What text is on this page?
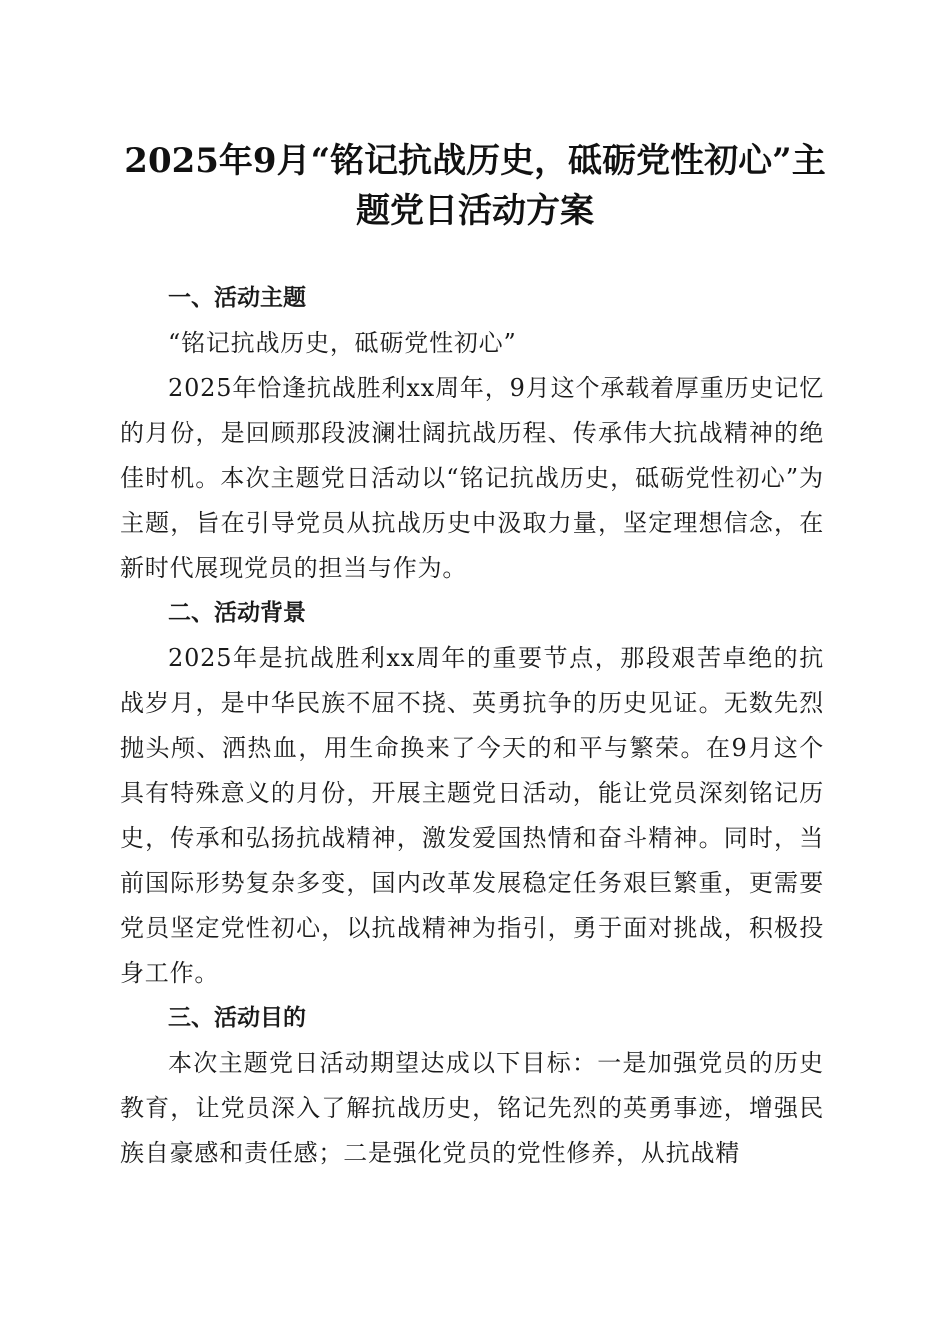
2025年9月“铭记抗战历史，砥砺党性初心”主题党日活动方案

一、活动主题

“铭记抗战历史，砥砺党性初心”

2025年恰逢抗战胜利xx周年，9月这个承载着厚重历史记忆的月份，是回顾那段波澜壮阔抗战历程、传承伟大抗战精神的绝佳时机。本次主题党日活动以“铭记抗战历史，砥砺党性初心”为主题，旨在引导党员从抗战历史中汲取力量，坚定理想信念，在新时代展现党员的担当与作为。

二、活动背景

2025年是抗战胜利xx周年的重要节点，那段艰苦卓绝的抗战岁月，是中华民族不屈不挠、英勇抗争的历史见证。无数先烈抛头颅、洒热血，用生命换来了今天的和平与繁荣。在9月这个具有特殊意义的月份，开展主题党日活动，能让党员深刻铭记历史，传承和弘扬抗战精神，激发爱国热情和奋斗精神。同时，当前国际形势复杂多变，国内改革发展稳定任务艰巨繁重，更需要党员坚定党性初心，以抗战精神为指引，勇于面对挑战，积极投身工作。

三、活动目的

本次主题党日活动期望达成以下目标：一是加强党员的历史教育，让党员深入了解抗战历史，铭记先烈的英勇事迹，增强民族自豪感和责任感；二是强化党员的党性修养，从抗战精
